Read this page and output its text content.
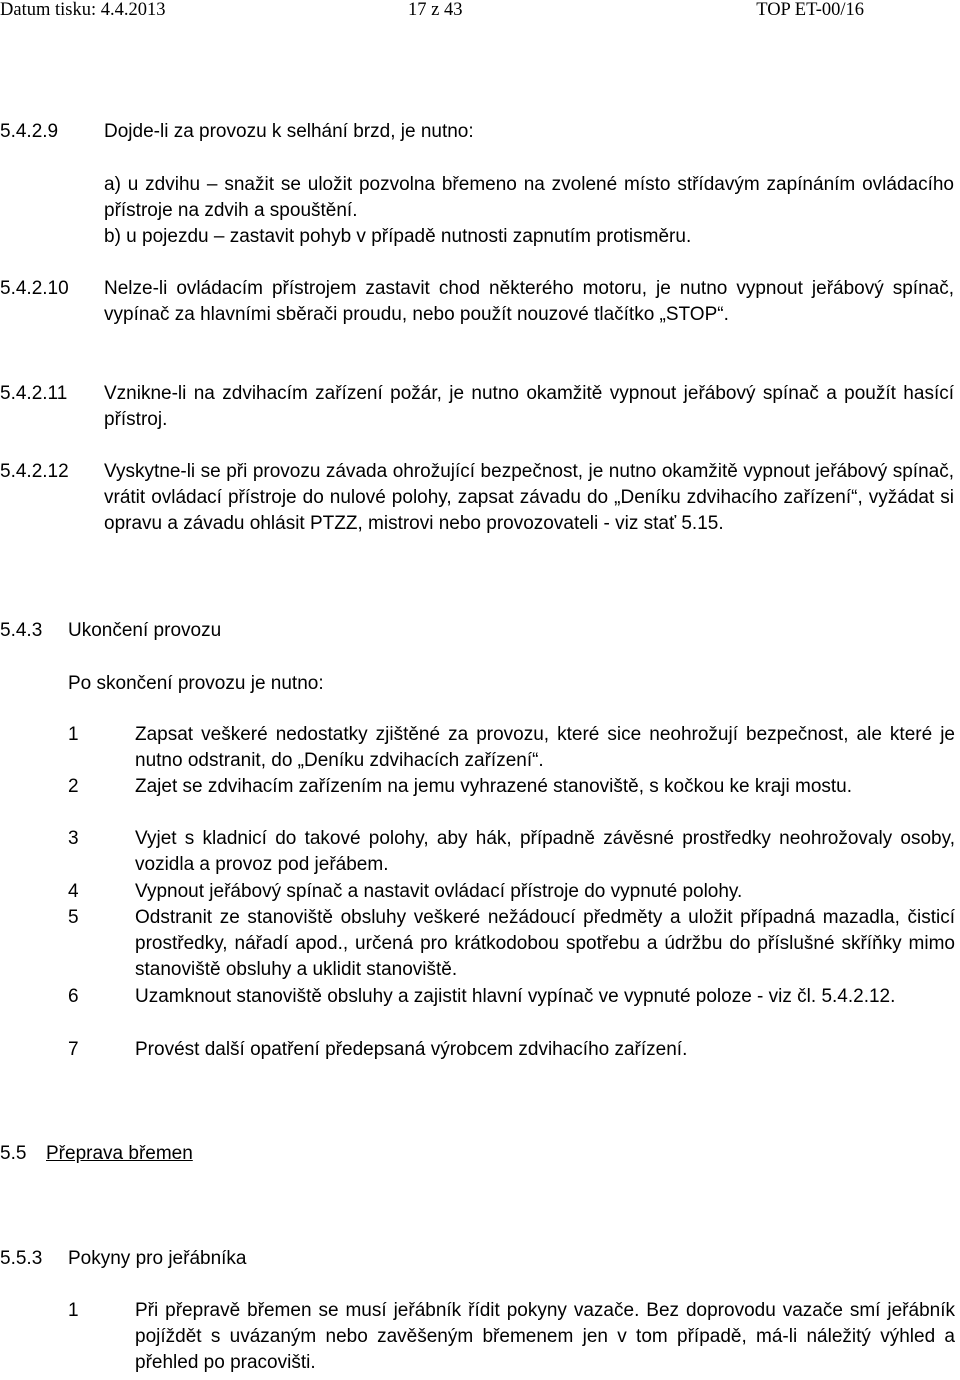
Datum tisku: 4.4.2013	17 z 43	TOP ET-00/16
5.4.2.9 Dojde-li za provozu k selhání brzd, je nutno:

a) u zdvihu – snažit se uložit pozvolna břemeno na zvolené místo střídavým zapínáním ovládacího přístroje na zdvih a spouštění.

b) u pojezdu – zastavit pohyb v případě nutnosti zapnutím protisměru.

5.4.2.10 Nelze-li ovládacím přístrojem zastavit chod některého motoru, je nutno vypnout jeřábový spínač, vypínač za hlavními sběrači proudu, nebo použít nouzové tlačítko „STOP“.
5.4.2.11 Vznikne-li na zdvihacím zařízení požár, je nutno okamžitě vypnout jeřábový spínač a použít hasící přístroj.
5.4.2.12 Vyskytne-li se při provozu závada ohrožující bezpečnost, je nutno okamžitě vypnout jeřábový spínač, vrátit ovládací přístroje do nulové polohy, zapsat závadu do „Deníku zdvihacího zařízení“, vyžádat si opravu a závadu ohlásit PTZZ, mistrovi nebo provozovateli - viz stať 5.15.
5.4.3 Ukončení provozu
Po skončení provozu je nutno:
1	Zapsat veškeré nedostatky zjištěné za provozu, které sice neohrožují bezpečnost, ale které je nutno odstranit, do „Deníku zdvihacích zařízení“.
2	Zajet se zdvihacím zařízením na jemu vyhrazené stanoviště, s kočkou ke kraji mostu.
3	Vyjet s kladnicí do takové polohy, aby hák, případně závěsné prostředky neohrožovaly osoby, vozidla a provoz pod jeřábem.
4	Vypnout jeřábový spínač a nastavit ovládací přístroje do vypnuté polohy.
5	Odstranit ze stanoviště obsluhy veškeré nežádoucí předměty a uložit případná mazadla, čisticí prostředky, nářadí apod., určená pro krátkodobou spotřebu a údržbu do příslušné skříňky mimo stanoviště obsluhy a uklidit stanoviště.
6	Uzamknout stanoviště obsluhy a zajistit hlavní vypínač ve vypnuté poloze - viz čl. 5.4.2.12.
7	Provést další opatření předepsaná výrobcem zdvihacího zařízení.
5.5 Přeprava břemen
5.5.3 Pokyny pro jeřábníka
1	Při přepravě břemen se musí jeřábník řídit pokyny vazače. Bez doprovodu vazače smí jeřábník pojíždět s uvázaným nebo zavěšeným břemenem jen v tom případě, má-li náležitý výhled a přehled po pracovišti.
